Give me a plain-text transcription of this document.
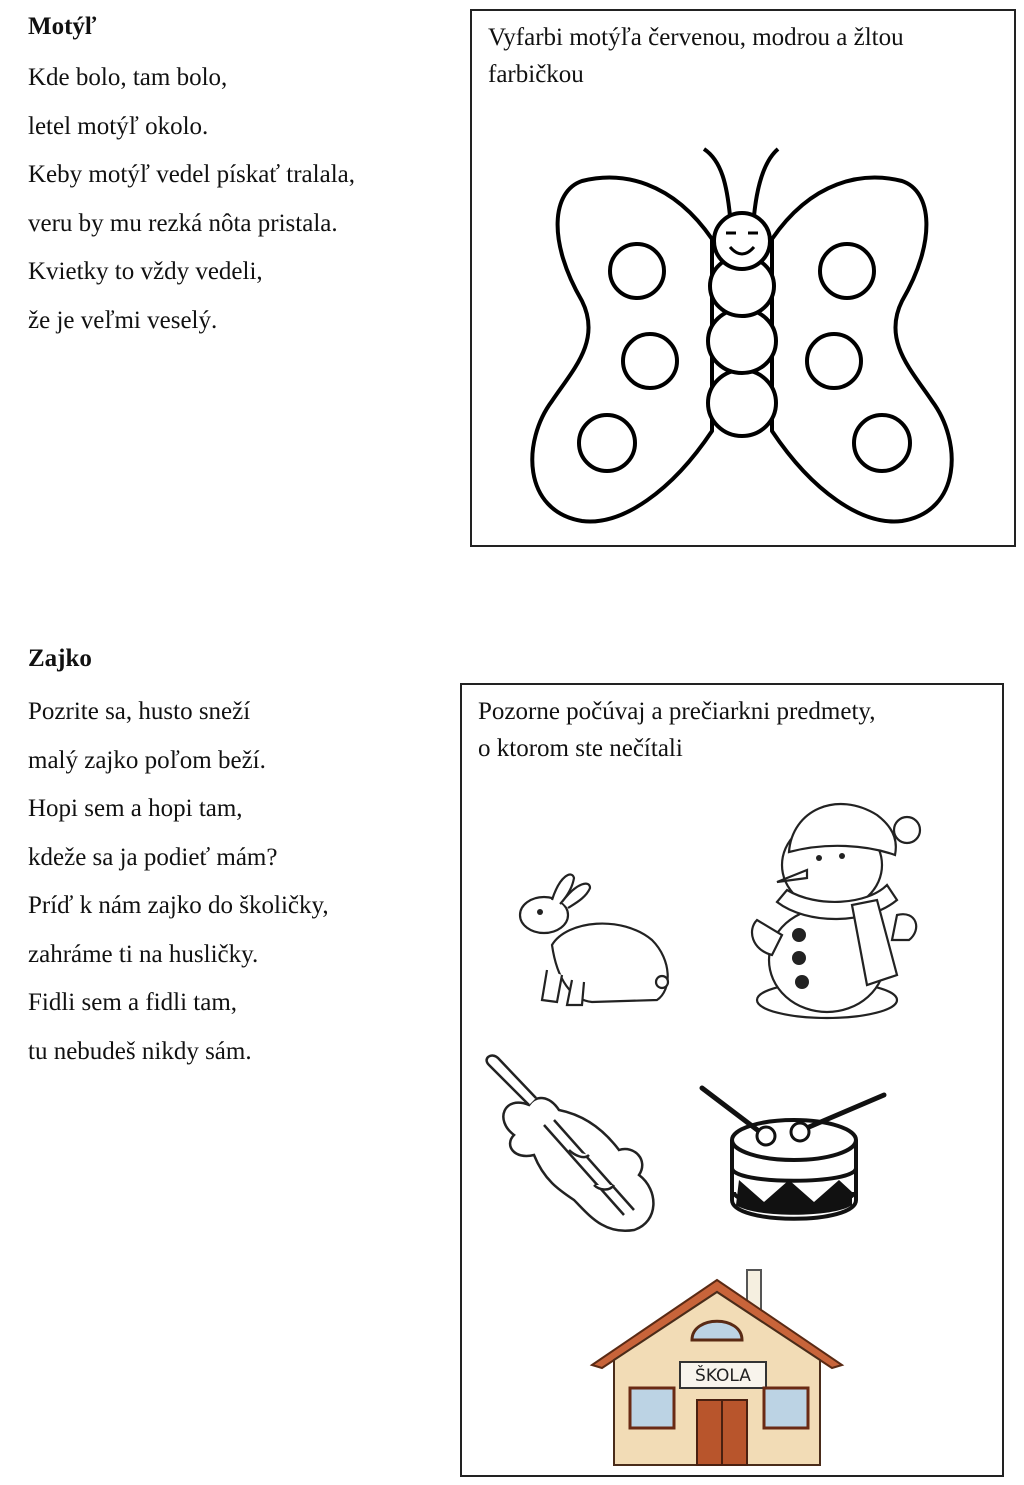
Motýľ
Kde bolo, tam bolo,
letel motýľ okolo.
Keby motýľ vedel pískať tralala,
veru by mu rezká nôta pristala.
Kvietky to vždy vedeli,
že je veľmi veselý.
Vyfarbi motýľa červenou, modrou a žltou
farbičkou
Zajko
Pozrite sa, husto sneží
malý zajko poľom beží.
Hopi sem a hopi tam,
kdeže sa ja podieť mám?
Príď k nám zajko do školičky,
zahráme ti na husličky.
Fidli sem a fidli tam,
tu nebudeš nikdy sám.
Pozorne počúvaj a prečiarkni predmety,
o ktorom ste nečítali
ŠKOLA
